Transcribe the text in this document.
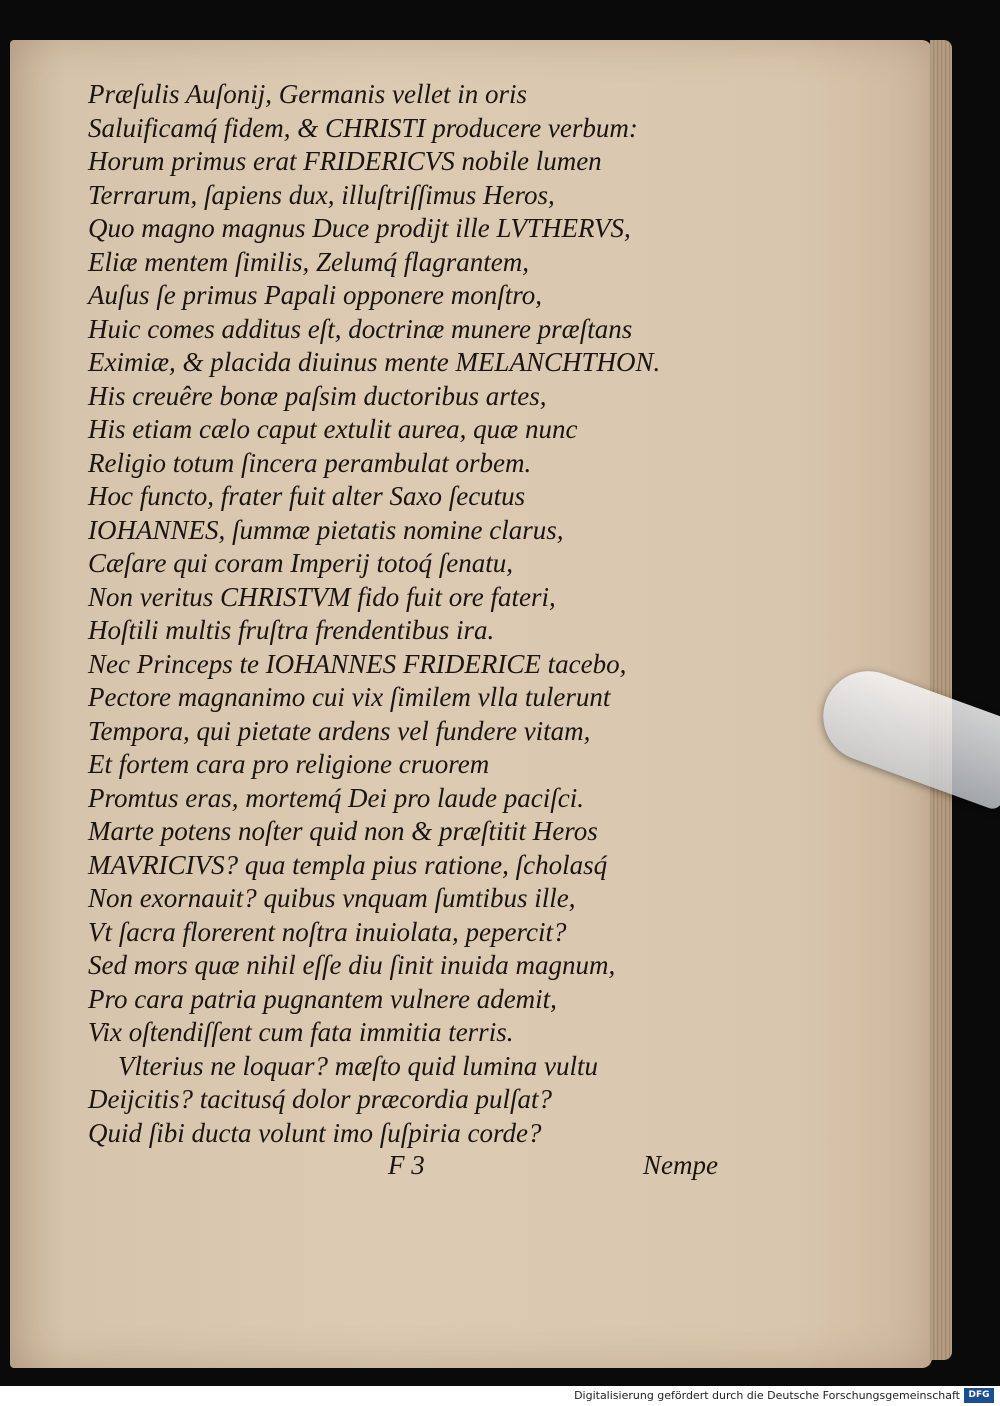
Præſulis Auſonij, Germanis vellet in oris
Saluificamq́ fidem, & CHRISTI producere verbum:
Horum primus erat FRIDERICVS nobile lumen
Terrarum, ſapiens dux, illuſtriſſimus Heros,
Quo magno magnus Duce prodijt ille LVTHERVS,
Eliæ mentem ſimilis, Zelumq́ flagrantem,
Auſus ſe primus Papali opponere monſtro,
Huic comes additus eſt, doctrinæ munere præſtans
Eximiæ, & placida diuinus mente MELANCHTHON.
His creuêre bonæ paſsim ductoribus artes,
His etiam cælo caput extulit aurea, quæ nunc
Religio totum ſincera perambulat orbem.
Hoc functo, frater fuit alter Saxo ſecutus
IOHANNES, ſummæ pietatis nomine clarus,
Cæſare qui coram Imperij totoq́ ſenatu,
Non veritus CHRISTVM fido fuit ore fateri,
Hoſtili multis fruſtra frendentibus ira.
Nec Princeps te IOHANNES FRIDERICE tacebo,
Pectore magnanimo cui vix ſimilem vlla tulerunt
Tempora, qui pietate ardens vel fundere vitam,
Et fortem cara pro religione cruorem
Promtus eras, mortemq́ Dei pro laude paciſci.
Marte potens noſter quid non & præſtitit Heros
MAVRICIVS? qua templa pius ratione, ſcholasq́
Non exornauit? quibus vnquam ſumtibus ille,
Vt ſacra florerent noſtra inuiolata, pepercit?
Sed mors quæ nihil eſſe diu ſinit inuida magnum,
Pro cara patria pugnantem vulnere ademit,
Vix oſtendiſſent cum fata immitia terris.
Vlterius ne loquar? mæſto quid lumina vultu
Deijcitis? tacitusq́ dolor præcordia pulſat?
Quid ſibi ducta volunt imo ſuſpiria corde?
F 3	Nempe
Digitalisierung gefördert durch die Deutsche Forschungsgemeinschaft DFG
